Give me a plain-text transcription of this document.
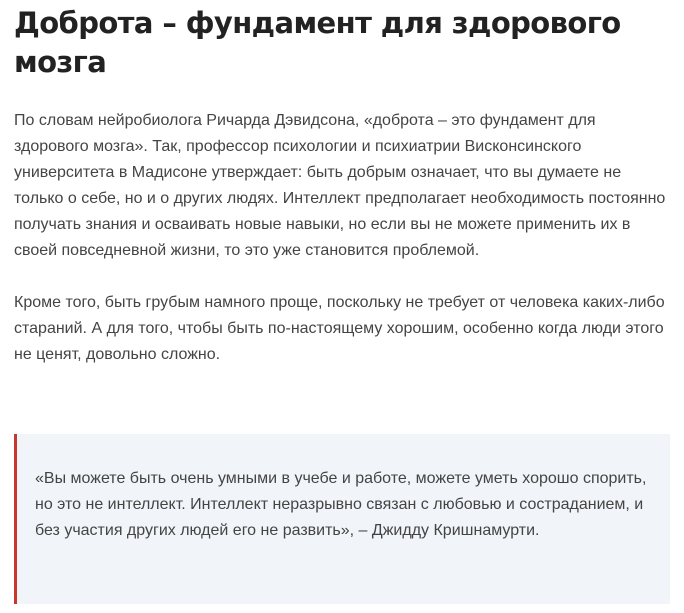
Доброта – фундамент для здорового мозга

По словам нейробиолога Ричарда Дэвидсона, «доброта – это фундамент для здорового мозга». Так, профессор психологии и психиатрии Висконсинского университета в Мадисоне утверждает: быть добрым означает, что вы думаете не только о себе, но и о других людях. Интеллект предполагает необходимость постоянно получать знания и осваивать новые навыки, но если вы не можете применить их в своей повседневной жизни, то это уже становится проблемой.

Кроме того, быть грубым намного проще, поскольку не требует от человека каких-либо стараний. А для того, чтобы быть по-настоящему хорошим, особенно когда люди этого не ценят, довольно сложно.

«Вы можете быть очень умными в учебе и работе, можете уметь хорошо спорить, но это не интеллект. Интеллект неразрывно связан с любовью и состраданием, и без участия других людей его не развить», – Джидду Кришнамурти.
